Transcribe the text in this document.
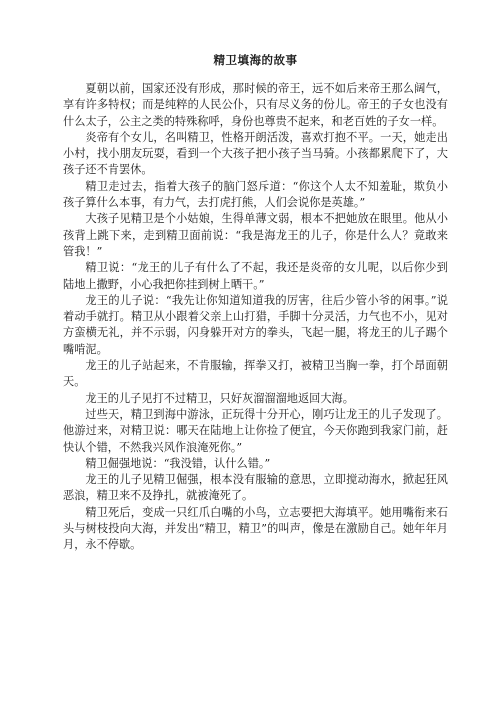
精卫填海的故事

夏朝以前，国家还没有形成，那时候的帝王，远不如后来帝王那么阔气，享有许多特权；而是纯粹的人民公仆，只有尽义务的份儿。帝王的子女也没有什么太子，公主之类的特殊称呼，身份也尊贵不起来，和老百姓的子女一样。

炎帝有个女儿，名叫精卫，性格开朗活泼，喜欢打抱不平。一天，她走出小村，找小朋友玩耍，看到一个大孩子把小孩子当马骑。小孩都累爬下了，大孩子还不肯罢休。

精卫走过去，指着大孩子的脑门怒斥道：“你这个人太不知羞耻，欺负小孩子算什么本事，有力气，去打虎打熊，人们会说你是英雄。”

大孩子见精卫是个小姑娘，生得单薄文弱，根本不把她放在眼里。他从小孩背上跳下来，走到精卫面前说：“我是海龙王的儿子，你是什么人？竟敢来管我！”

精卫说：“龙王的儿子有什么了不起，我还是炎帝的女儿呢，以后你少到陆地上撒野，小心我把你挂到树上晒干。”

龙王的儿子说：“我先让你知道知道我的厉害，往后少管小爷的闲事。”说着动手就打。精卫从小跟着父亲上山打猎，手脚十分灵活，力气也不小，见对方蛮横无礼，并不示弱，闪身躲开对方的拳头，飞起一腿，将龙王的儿子踢个嘴啃泥。

龙王的儿子站起来，不肯服输，挥拳又打，被精卫当胸一拳，打个昂面朝天。

龙王的儿子见打不过精卫，只好灰溜溜溜地返回大海。

过些天，精卫到海中游泳，正玩得十分开心，刚巧让龙王的儿子发现了。他游过来，对精卫说：哪天在陆地上让你捡了便宜，今天你跑到我家门前，赶快认个错，不然我兴风作浪淹死你。”

精卫倔强地说：“我没错，认什么错。”

龙王的儿子见精卫倔强，根本没有服输的意思，立即搅动海水，掀起狂风恶浪，精卫来不及挣扎，就被淹死了。

精卫死后，变成一只红爪白嘴的小鸟，立志要把大海填平。她用嘴衔来石头与树枝投向大海，并发出“精卫，精卫”的叫声，像是在激励自己。她年年月月，永不停歇。
